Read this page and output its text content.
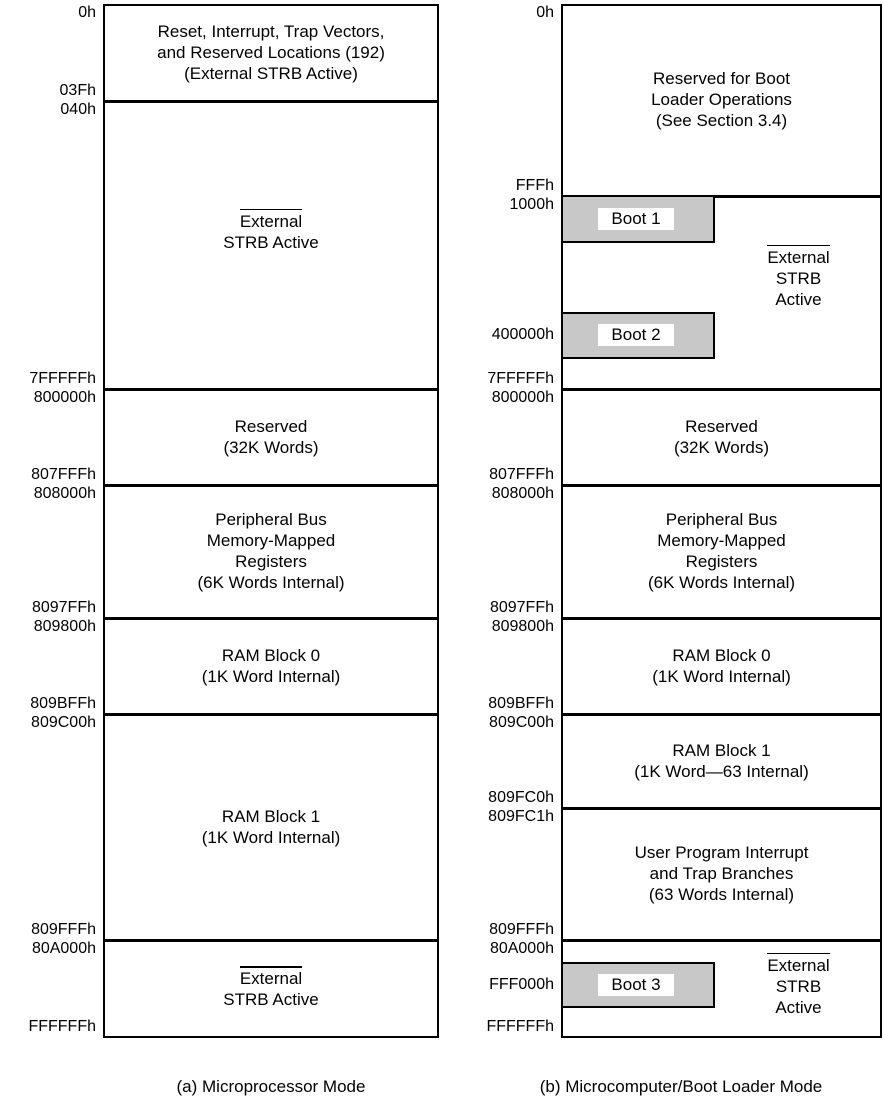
0h
03Fh
040h
7FFFFFh
800000h
807FFFh
808000h
8097FFh
809800h
809BFFh
809C00h
809FFFh
80A000h
FFFFFFh
Reset, Interrupt, Trap Vectors,
and Reserved Locations (192)
(External STRB Active)
External
STRB Active
Reserved
(32K Words)
Peripheral Bus
Memory-Mapped
Registers
(6K Words Internal)
RAM Block 0
(1K Word Internal)
RAM Block 1
(1K Word Internal)
External
STRB Active
Boot 1
Boot 2
Boot 3
0h
FFFh
1000h
400000h
7FFFFFh
800000h
807FFFh
808000h
8097FFh
809800h
809BFFh
809C00h
809FC0h
809FC1h
809FFFh
80A000h
FFF000h
FFFFFFh
Reserved for Boot
Loader Operations
(See Section 3.4)
External
STRB
Active
Reserved
(32K Words)
Peripheral Bus
Memory-Mapped
Registers
(6K Words Internal)
RAM Block 0
(1K Word Internal)
RAM Block 1
(1K Word—63 Internal)
User Program Interrupt
and Trap Branches
(63 Words Internal)
External
STRB
Active
(a) Microprocessor Mode	(b) Microcomputer/Boot Loader Mode
